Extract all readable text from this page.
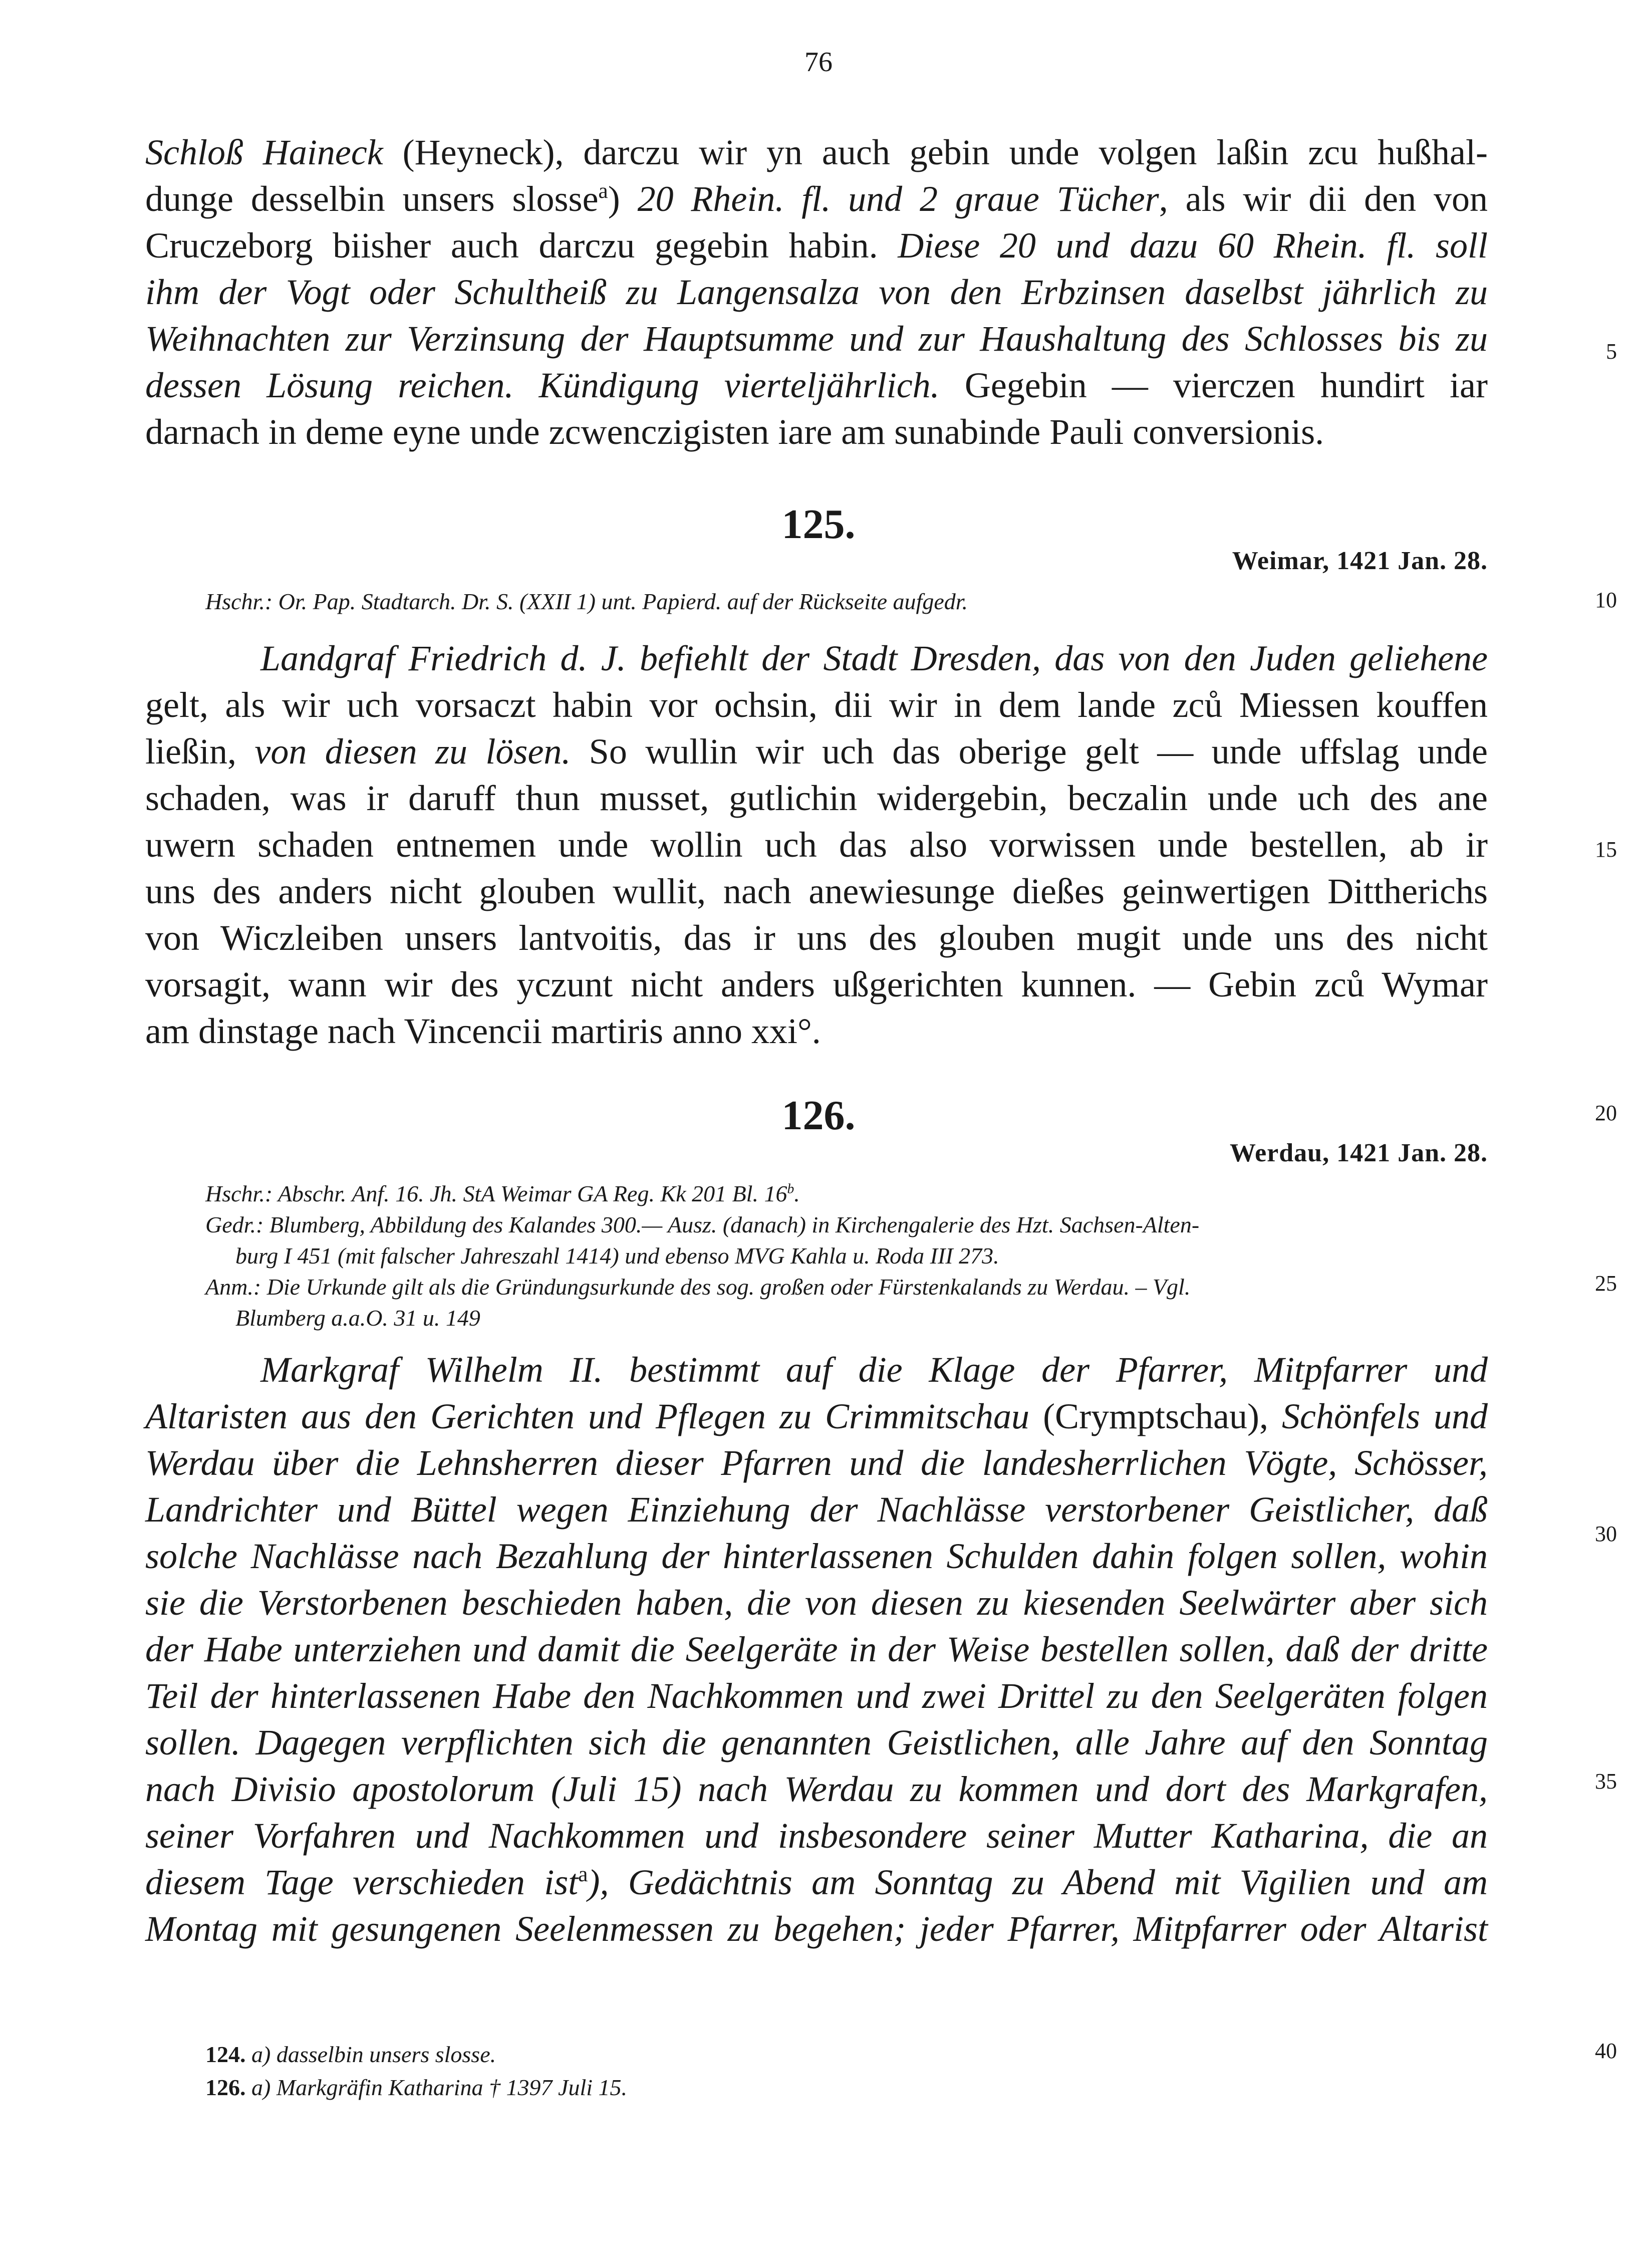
76

Schloß Haineck (Heyneck), darczu wir yn auch gebin unde volgen laßin zcu hußhal-
dunge desselbin unsers slosse$^a$) 20 Rhein. fl. und 2 graue Tücher, als wir dii den von
Cruczeborg biisher auch darczu gegebin habin. Diese 20 und dazu 60 Rhein. fl. soll
ihm der Vogt oder Schultheiß zu Langensalza von den Erbzinsen daselbst jährlich zu
Weihnachten zur Verzinsung der Hauptsumme und zur Haushaltung des Schlosses bis zu
dessen Lösung reichen. Kündigung vierteljährlich. Gegebin — vierczen hundirt iar
darnach in deme eyne unde zcwenczigisten iare am sunabinde Pauli conversionis.

125.
Weimar, 1421 Jan. 28.
Hschr.: Or. Pap. Stadtarch. Dr. S. (XXII 1) unt. Papierd. auf der Rückseite aufgedr.

Landgraf Friedrich d. J. befiehlt der Stadt Dresden, das von den Juden geliehene
gelt, als wir uch vorsaczt habin vor ochsin, dii wir in dem lande zců Miessen kouffen
ließin, von diesen zu lösen. So wullin wir uch das oberige gelt — unde uffslag unde
schaden, was ir daruff thun musset, gutlichin widergebin, beczalin unde uch des ane
uwern schaden entnemen unde wollin uch das also vorwissen unde bestellen, ab ir
uns des anders nicht glouben wullit, nach anewiesunge dießes geinwertigen Dittherichs
von Wiczleiben unsers lantvoitis, das ir uns des glouben mugit unde uns des nicht
vorsagit, wann wir des yczunt nicht anders ußgerichten kunnen. — Gebin zců Wymar
am dinstage nach Vincencii martiris anno xxi°.

126.
Werdau, 1421 Jan. 28.
Hschr.: Abschr. Anf. 16. Jh. StA Weimar GA Reg. Kk 201 Bl. 16$^b$.
Gedr.: Blumberg, Abbildung des Kalandes 300.— Ausz. (danach) in Kirchengalerie des Hzt. Sachsen-Alten-
burg I 451 (mit falscher Jahreszahl 1414) und ebenso MVG Kahla u. Roda III 273.
Anm.: Die Urkunde gilt als die Gründungsurkunde des sog. großen oder Fürstenkalands zu Werdau. – Vgl.
Blumberg a.a.O. 31 u. 149

Markgraf Wilhelm II. bestimmt auf die Klage der Pfarrer, Mitpfarrer und
Altaristen aus den Gerichten und Pflegen zu Crimmitschau (Crymptschau), Schönfels und
Werdau über die Lehnsherren dieser Pfarren und die landesherrlichen Vögte, Schösser,
Landrichter und Büttel wegen Einziehung der Nachlässe verstorbener Geistlicher, daß
solche Nachlässe nach Bezahlung der hinterlassenen Schulden dahin folgen sollen, wohin
sie die Verstorbenen beschieden haben, die von diesen zu kiesenden Seelwärter aber sich
der Habe unterziehen und damit die Seelgeräte in der Weise bestellen sollen, daß der dritte
Teil der hinterlassenen Habe den Nachkommen und zwei Drittel zu den Seelgeräten folgen
sollen. Dagegen verpflichten sich die genannten Geistlichen, alle Jahre auf den Sonntag
nach Divisio apostolorum (Juli 15) nach Werdau zu kommen und dort des Markgrafen,
seiner Vorfahren und Nachkommen und insbesondere seiner Mutter Katharina, die an
diesem Tage verschieden ist$^a$), Gedächtnis am Sonntag zu Abend mit Vigilien und am
Montag mit gesungenen Seelenmessen zu begehen; jeder Pfarrer, Mitpfarrer oder Altarist

124. a) dasselbin unsers slosse.
126. a) Markgräfin Katharina † 1397 Juli 15.
5
10
15
20
25
30
35
40
